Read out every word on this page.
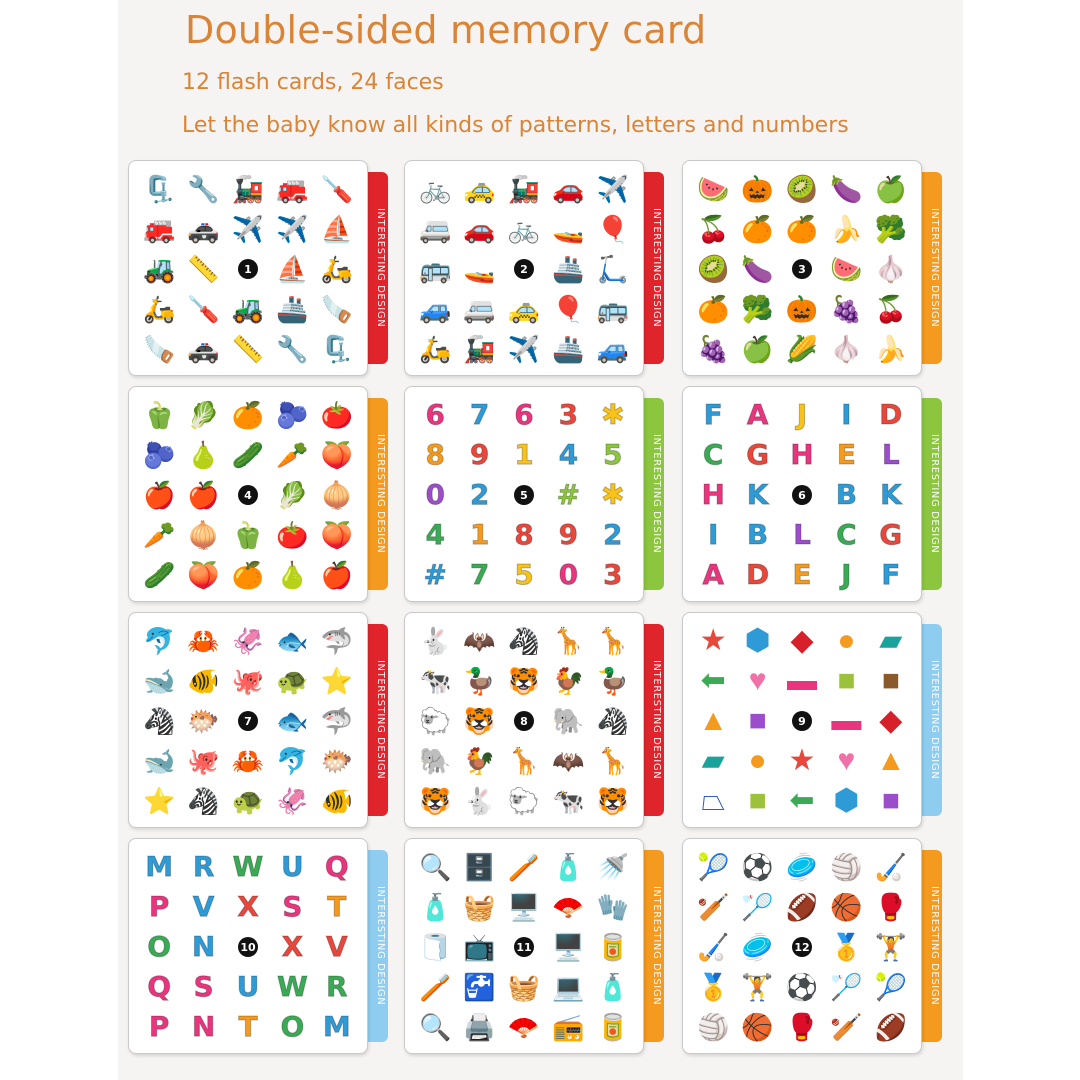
Double-sided memory card
12 flash cards, 24 faces
Let the baby know all kinds of patterns, letters and numbers
INTERESTING DESIGN
🗜️ 🔧 🚂 🚒 🪛
🚒 🚓 ✈️ ✈️ ⛵
🚜 📏	1 ⛵ 🛵
🛵 🪛 🚜 🚢 🪚
🪚 🚓 📏 🔧 🗜️
INTERESTING DESIGN
🚲 🚕 🚂 🚗 ✈️
🚐 🚗 🚲 🚤 🎈
🚌 🚤	2 🚢 🛴
🚙 🚐 🚕 🎈 🚌
🛵 🚂 ✈️ 🚢 🚙
INTERESTING DESIGN
🍉 🎃 🥝 🍆 🍏
🍒 🍊 🍊 🍌 🥦
🥝 🍆	3 🍉 🧄
🍊 🥦 🎃 🍇 🍒
🍇 🍏 🌽 🧄 🍌
INTERESTING DESIGN
🫑 🥬 🍊 🫐 🍅
🫐 🍐 🥒 🥕 🍑
🍎 🍎	4 🥬 🧅
🥕 🧅 🫑 🍅 🍑
🥒 🍑 🍊 🍐 🍎
INTERESTING DESIGN
6 7 6 3 ✱
8 9 1 4 5
0 2	5 # ✱
4 1 8 9 2
# 7 5 0 3
INTERESTING DESIGN
F A J I D
C G H E L
H K	6 B K
I B L C G
A D E J F
INTERESTING DESIGN
🐬 🦀 🦑 🐟 🦈
🐋 🐠 🐙 🐢 ⭐
🦓 🐡	7 🐟 🦈
🐋 🐙 🦀 🐬 🐡
⭐ 🦓 🐢 🦑 🐠
INTERESTING DESIGN
🐇 🦇 🦓 🦒 🦒
🐄 🦆 🐯 🐓 🦆
🐑 🐯	8 🐘 🦓
🐘 🐓 🦒 🦇 🦒
🐯 🐇 🐑 🐄 🐯
INTERESTING DESIGN
★ ⬢ ◆ ● ▰
⬅ ♥ ▬ ■ ■
▲ ■	9 ▬ ◆
▰ ● ★ ♥ ▲
⏢ ■ ⬅ ⬢ ■
INTERESTING DESIGN
M R W U Q
P V X S T
O N 10 X V
Q S U W R
P N T O M
INTERESTING DESIGN
🔍 🗄️ 🪥 🧴 🚿
🧴 🧺 🖥️ 🪭 🧤
🧻 📺 11 🖥️ 🥫
🪥 🚰 🧺 💻 🧴
🔍 🖨️ 🪭 📻 🥫
INTERESTING DESIGN
🎾 ⚽ 🥏 🏐 🏑
🏏 🏸 🏈 🏀 🥊
🏑 🥏 12 🥇 🏋️
🥇 🏋️ ⚽ 🏸 🎾
🏐 🏀 🥊 🏏 🏈
